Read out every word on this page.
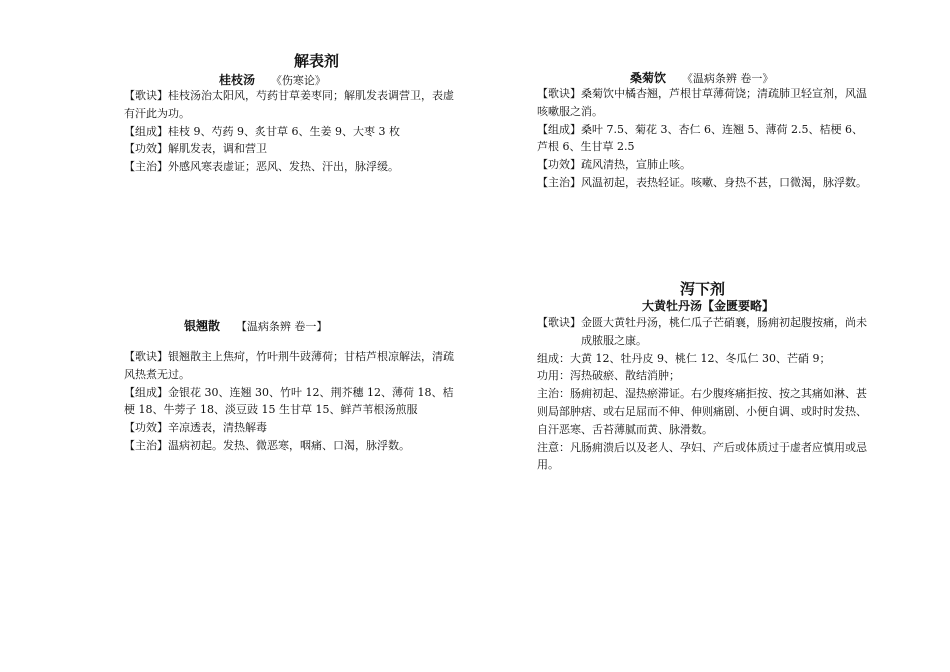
解表剂
桂枝汤 《伤寒论》

【歌诀】桂枝汤治太阳风，芍药甘草姜枣同；解肌发表调营卫，表虚有汗此为功。

【组成】桂枝 9、芍药 9、炙甘草 6、生姜 9、大枣 3 枚

【功效】解肌发表，调和营卫

【主治】外感风寒表虚证；恶风、发热、汗出，脉浮缓。

桑菊饮 《温病条辨 卷一》

【歌诀】桑菊饮中橘杏翘，芦根甘草薄荷饶；清疏肺卫轻宣剂，风温咳嗽服之消。

【组成】桑叶 7.5、菊花 3、杏仁 6、连翘 5、薄荷 2.5、桔梗 6、芦根 6、生甘草 2.5

【功效】疏风清热，宣肺止咳。

【主治】风温初起，表热轻证。咳嗽、身热不甚，口微渴，脉浮数。

银翘散 【温病条辨 卷一】

【歌诀】银翘散主上焦疴，竹叶荆牛豉薄荷；甘桔芦根凉解法，清疏风热煮无过。

【组成】金银花 30、连翘 30、竹叶 12、荆芥穗 12、薄荷 18、桔梗 18、牛蒡子 18、淡豆豉 15 生甘草 15、鲜芦苇根汤煎服

【功效】辛凉透表，清热解毒

【主治】温病初起。发热、微恶寒，咽痛、口渴，脉浮数。

泻下剂
大黄牡丹汤【金匮要略】

【歌诀】金匮大黄牡丹汤，桃仁瓜子芒硝襄，肠痈初起腹按痛，尚未成脓服之康。

组成：大黄 12、牡丹皮 9、桃仁 12、冬瓜仁 30、芒硝 9；

功用：泻热破瘀、散结消肿；

主治：肠痈初起、湿热瘀滞证。右少腹疼痛拒按、按之其痛如淋、甚则局部肿痞、或右足屈而不伸、伸则痛剧、小便自调、或时时发热、自汗恶寒、舌苔薄腻而黄、脉滑数。

注意：凡肠痈溃后以及老人、孕妇、产后或体质过于虚者应慎用或忌用。
